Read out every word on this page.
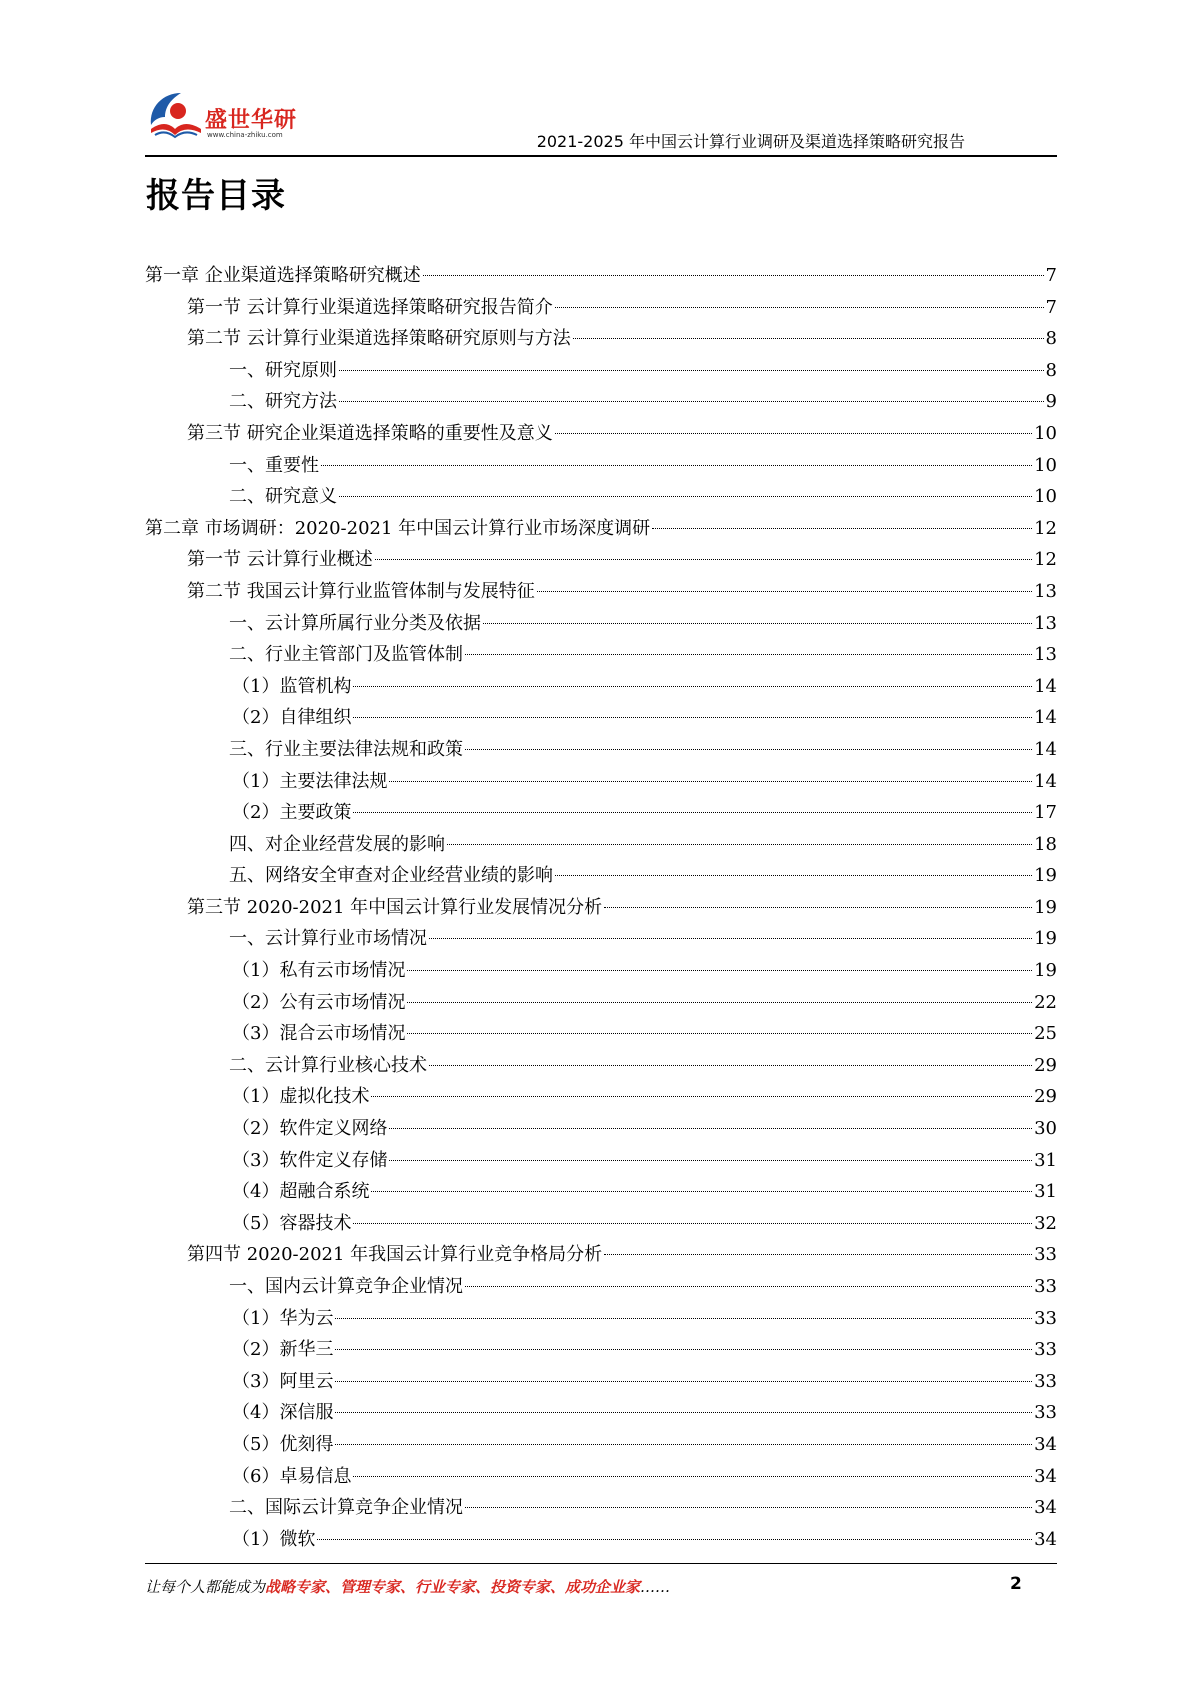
盛世华研
www.china-zhiku.com	2021-2025 年中国云计算行业调研及渠道选择策略研究报告
报告目录
第一章 企业渠道选择策略研究概述	7
第一节 云计算行业渠道选择策略研究报告简介	7
第二节 云计算行业渠道选择策略研究原则与方法	8
一、研究原则	8
二、研究方法	9
第三节 研究企业渠道选择策略的重要性及意义	10
一、重要性	10
二、研究意义	10
第二章 市场调研：2020-2021 年中国云计算行业市场深度调研	12
第一节 云计算行业概述	12
第二节 我国云计算行业监管体制与发展特征	13
一、云计算所属行业分类及依据	13
二、行业主管部门及监管体制	13
（1）监管机构	14
（2）自律组织	14
三、行业主要法律法规和政策	14
（1）主要法律法规	14
（2）主要政策	17
四、对企业经营发展的影响	18
五、网络安全审查对企业经营业绩的影响	19
第三节 2020-2021 年中国云计算行业发展情况分析	19
一、云计算行业市场情况	19
（1）私有云市场情况	19
（2）公有云市场情况	22
（3）混合云市场情况	25
二、云计算行业核心技术	29
（1）虚拟化技术	29
（2）软件定义网络	30
（3）软件定义存储	31
（4）超融合系统	31
（5）容器技术	32
第四节 2020-2021 年我国云计算行业竞争格局分析	33
一、国内云计算竞争企业情况	33
（1）华为云	33
（2）新华三	33
（3）阿里云	33
（4）深信服	33
（5）优刻得	34
（6）卓易信息	34
二、国际云计算竞争企业情况	34
（1）微软	34
让每个人都能成为战略专家、管理专家、行业专家、投资专家、成功企业家……	2
